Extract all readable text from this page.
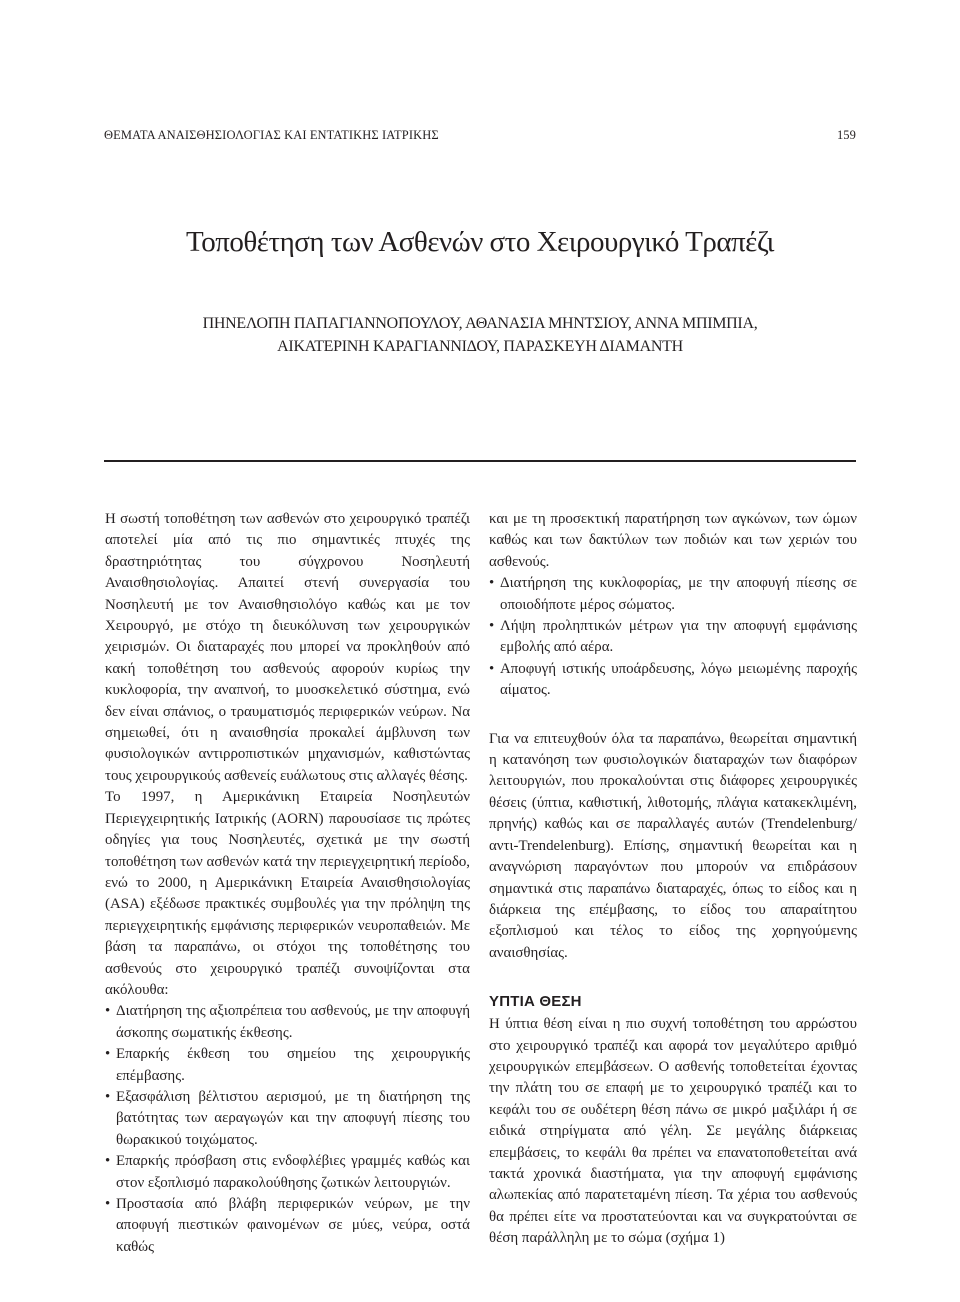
ΘΕΜΑΤΑ ΑΝΑΙΣΘΗΣΙΟΛΟΓΙΑΣ ΚΑΙ ΕΝΤΑΤΙΚΗΣ ΙΑΤΡΙΚΗΣ	159
Τοποθέτηση των Ασθενών στο Χειρουργικό Τραπέζι
ΠΗΝΕΛΟΠΗ ΠΑΠΑΓΙΑΝΝΟΠΟΥΛΟΥ, ΑΘΑΝΑΣΙΑ ΜΗΝΤΣΙΟΥ, ΑΝΝΑ ΜΠΙΜΠΙΑ,
ΑΙΚΑΤΕΡΙΝΗ ΚΑΡΑΓΙΑΝΝΙΔΟΥ, ΠΑΡΑΣΚΕΥΗ ΔΙΑΜΑΝΤΗ

Η σωστή τοποθέτηση των ασθενών στο χειρουργικό τραπέζι αποτελεί μία από τις πιο σημαντικές πτυχές της δραστηριότητας του σύγχρονου Νοσηλευτή Αναισθησιολογίας. Απαιτεί στενή συνεργασία του Νοσηλευτή με τον Αναισθησιολόγο καθώς και με τον Χειρουργό, με στόχο τη διευκόλυνση των χειρουργικών χειρισμών. Οι διαταραχές που μπορεί να προκληθούν από κακή τοποθέτηση του ασθενούς αφορούν κυρίως την κυκλοφορία, την αναπνοή, το μυοσκελετικό σύστημα, ενώ δεν είναι σπάνιος, ο τραυματισμός περιφερικών νεύρων. Να σημειωθεί, ότι η αναισθησία προκαλεί άμβλυνση των φυσιολογικών αντιρροπιστικών μηχανισμών, καθιστώντας τους χειρουργικούς ασθενείς ευάλωτους στις αλλαγές θέσης.

Το 1997, η Αμερικάνικη Εταιρεία Νοσηλευτών Περιεγχειρητικής Ιατρικής (AORN) παρουσίασε τις πρώτες οδηγίες για τους Νοσηλευτές, σχετικά με την σωστή τοποθέτηση των ασθενών κατά την περιεγχειρητική περίοδο, ενώ το 2000, η Αμερικάνικη Εταιρεία Αναισθησιολογίας (ASA) εξέδωσε πρακτικές συμβουλές για την πρόληψη της περιεγχειρητικής εμφάνισης περιφερικών νευροπαθειών. Με βάση τα παραπάνω, οι στόχοι της τοποθέτησης του ασθενούς στο χειρουργικό τραπέζι συνοψίζονται στα ακόλουθα:

• Διατήρηση της αξιοπρέπεια του ασθενούς, με την αποφυγή άσκοπης σωματικής έκθεσης.
• Επαρκής έκθεση του σημείου της χειρουργικής επέμβασης.
• Εξασφάλιση βέλτιστου αερισμού, με τη διατήρηση της βατότητας των αεραγωγών και την αποφυγή πίεσης του θωρακικού τοιχώματος.
• Επαρκής πρόσβαση στις ενδοφλέβιες γραμμές καθώς και στον εξοπλισμό παρακολούθησης ζωτικών λειτουργιών.
• Προστασία από βλάβη περιφερικών νεύρων, με την αποφυγή πιεστικών φαινομένων σε μύες, νεύρα, οστά καθώς

και με τη προσεκτική παρατήρηση των αγκώνων, των ώμων καθώς και των δακτύλων των ποδιών και των χεριών του ασθενούς.

• Διατήρηση της κυκλοφορίας, με την αποφυγή πίεσης σε οποιοδήποτε μέρος σώματος.
• Λήψη προληπτικών μέτρων για την αποφυγή εμφάνισης εμβολής από αέρα.
• Αποφυγή ιστικής υποάρδευσης, λόγω μειωμένης παροχής αίματος.

Για να επιτευχθούν όλα τα παραπάνω, θεωρείται σημαντική η κατανόηση των φυσιολογικών διαταραχών των διαφόρων λειτουργιών, που προκαλούνται στις διάφορες χειρουργικές θέσεις (ύπτια, καθιστική, λιθοτομής, πλάγια κατακεκλιμένη, πρηνής) καθώς και σε παραλλαγές αυτών (Trendelenburg/αντι-Trendelenburg). Επίσης, σημαντική θεωρείται και η αναγνώριση παραγόντων που μπορούν να επιδράσουν σημαντικά στις παραπάνω διαταραχές, όπως το είδος και η διάρκεια της επέμβασης, το είδος του απαραίτητου εξοπλισμού και τέλος το είδος της χορηγούμενης αναισθησίας.

ΥΠΤΙΑ ΘΕΣΗ

Η ύπτια θέση είναι η πιο συχνή τοποθέτηση του αρρώστου στο χειρουργικό τραπέζι και αφορά τον μεγαλύτερο αριθμό χειρουργικών επεμβάσεων. Ο ασθενής τοποθετείται έχοντας την πλάτη του σε επαφή με το χειρουργικό τραπέζι και το κεφάλι του σε ουδέτερη θέση πάνω σε μικρό μαξιλάρι ή σε ειδικά στηρίγματα από γέλη. Σε μεγάλης διάρκειας επεμβάσεις, το κεφάλι θα πρέπει να επανατοποθετείται ανά τακτά χρονικά διαστήματα, για την αποφυγή εμφάνισης αλωπεκίας από παρατεταμένη πίεση. Τα χέρια του ασθενούς θα πρέπει είτε να προστατεύονται και να συγκρατούνται σε θέση παράλληλη με το σώμα (σχήμα 1)
